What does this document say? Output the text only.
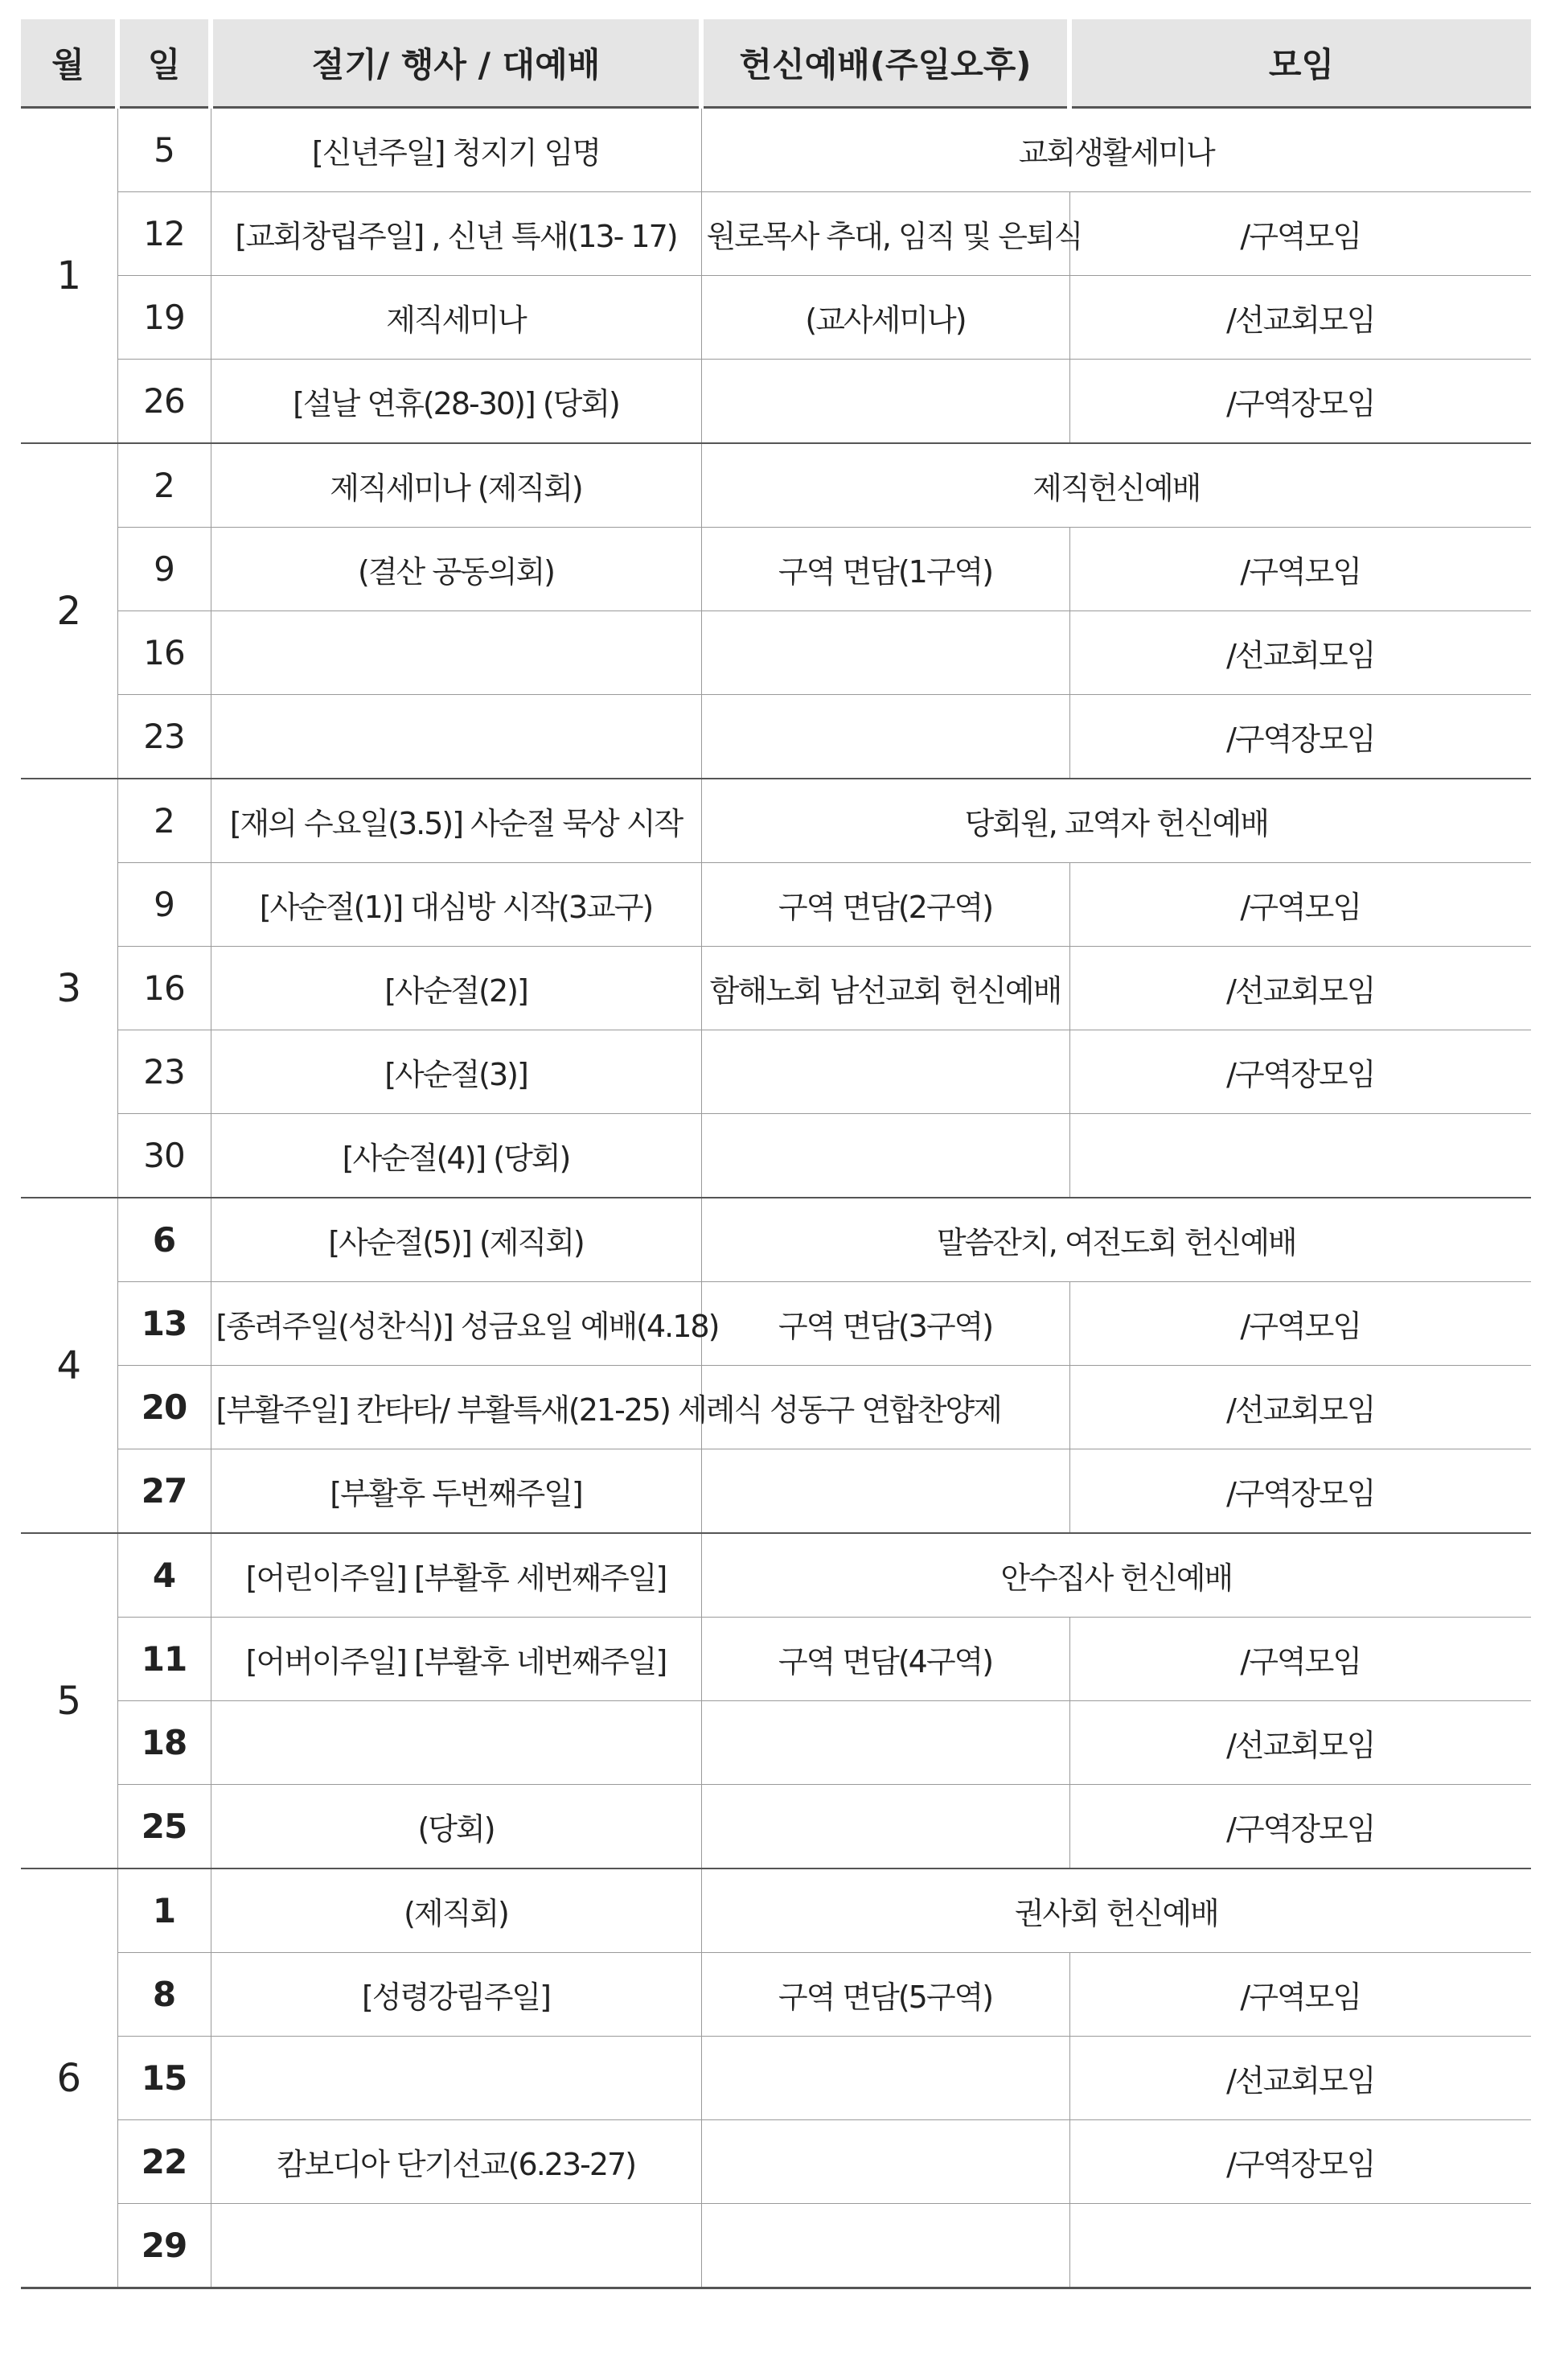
월	일	절기/ 행사 / 대예배	헌신예배(주일오후)	모임
1	5	[신년주일] 청지기 임명	교회생활세미나	
	12	[교회창립주일] , 신년 특새(13- 17)	원로목사 추대, 임직 및 은퇴식	/구역모임
	19	제직세미나	(교사세미나)	/선교회모임
	26	[설날 연휴(28-30)] (당회)		/구역장모임
2	2	제직세미나 (제직회)	제직헌신예배	
	9	(결산 공동의회)	구역 면담(1구역)	/구역모임
	16			/선교회모임
	23			/구역장모임
3	2	[재의 수요일(3.5)] 사순절 묵상 시작	당회원, 교역자 헌신예배	
	9	[사순절(1)] 대심방 시작(3교구)	구역 면담(2구역)	/구역모임
	16	[사순절(2)]	함해노회 남선교회 헌신예배	/선교회모임
	23	[사순절(3)]		/구역장모임
	30	[사순절(4)] (당회)		
4	6	[사순절(5)] (제직회)	말씀잔치, 여전도회 헌신예배	
	13	[종려주일(성찬식)] 성금요일 예배(4.18)	구역 면담(3구역)	/구역모임
	20	[부활주일] 칸타타/ 부활특새(21-25) 세례식	성동구 연합찬양제	/선교회모임
	27	[부활후 두번째주일]		/구역장모임
5	4	[어린이주일] [부활후 세번째주일]	안수집사 헌신예배	
	11	[어버이주일] [부활후 네번째주일]	구역 면담(4구역)	/구역모임
	18			/선교회모임
	25	(당회)		/구역장모임
6	1	(제직회)	권사회 헌신예배	
	8	[성령강림주일]	구역 면담(5구역)	/구역모임
	15			/선교회모임
	22	캄보디아 단기선교(6.23-27)		/구역장모임
	29			
